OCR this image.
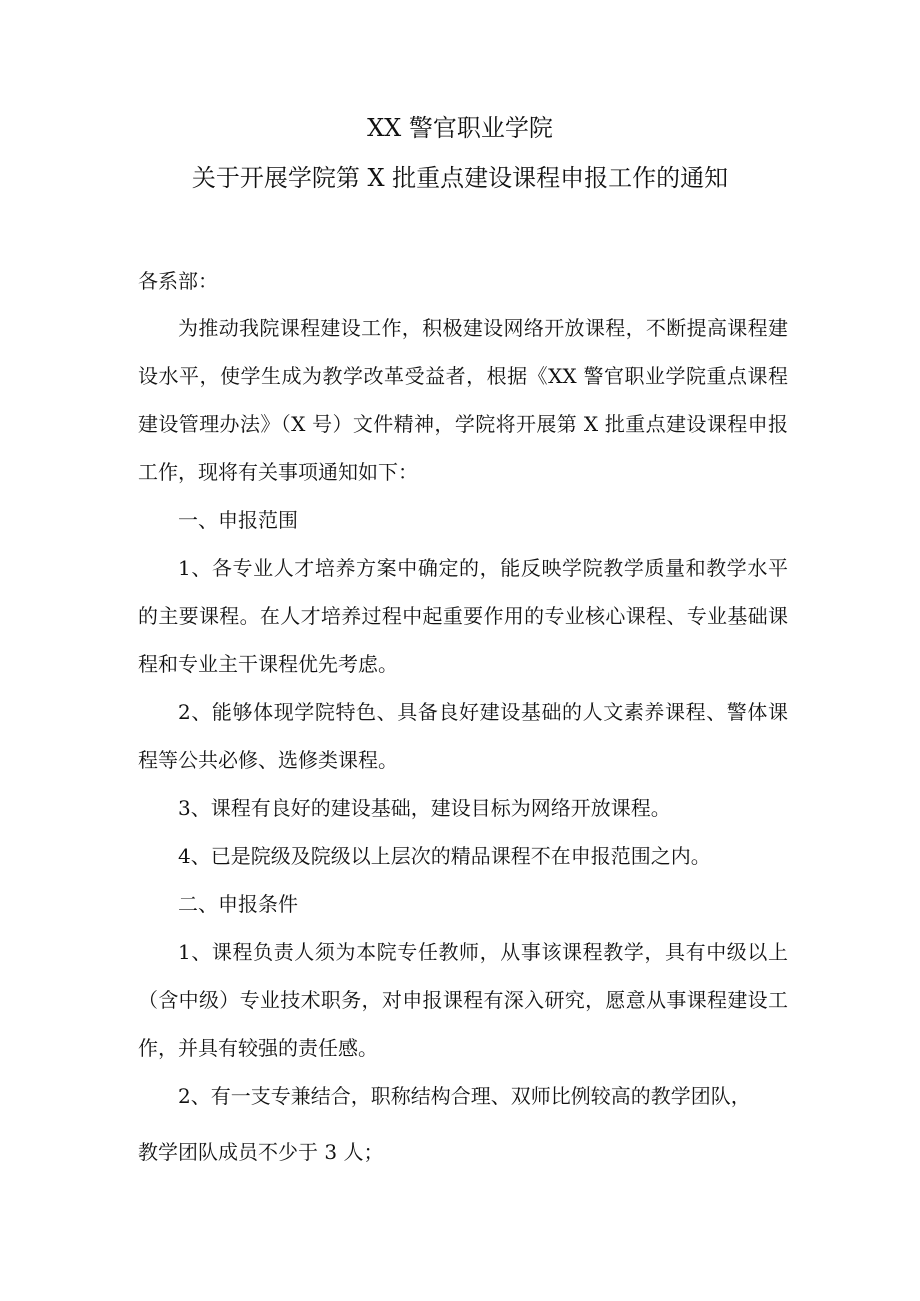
XX 警官职业学院
关于开展学院第 X 批重点建设课程申报工作的通知

各系部：

为推动我院课程建设工作，积极建设网络开放课程，不断提高课程建设水平，使学生成为教学改革受益者，根据《XX 警官职业学院重点课程建设管理办法》（X 号）文件精神，学院将开展第 X 批重点建设课程申报工作，现将有关事项通知如下：

一、申报范围

1、各专业人才培养方案中确定的，能反映学院教学质量和教学水平的主要课程。在人才培养过程中起重要作用的专业核心课程、专业基础课程和专业主干课程优先考虑。

2、能够体现学院特色、具备良好建设基础的人文素养课程、警体课程等公共必修、选修类课程。

3、课程有良好的建设基础，建设目标为网络开放课程。

4、已是院级及院级以上层次的精品课程不在申报范围之内。

二、申报条件

1、课程负责人须为本院专任教师，从事该课程教学，具有中级以上（含中级）专业技术职务，对申报课程有深入研究，愿意从事课程建设工作，并具有较强的责任感。

2、有一支专兼结合，职称结构合理、双师比例较高的教学团队，

教学团队成员不少于 3 人；
